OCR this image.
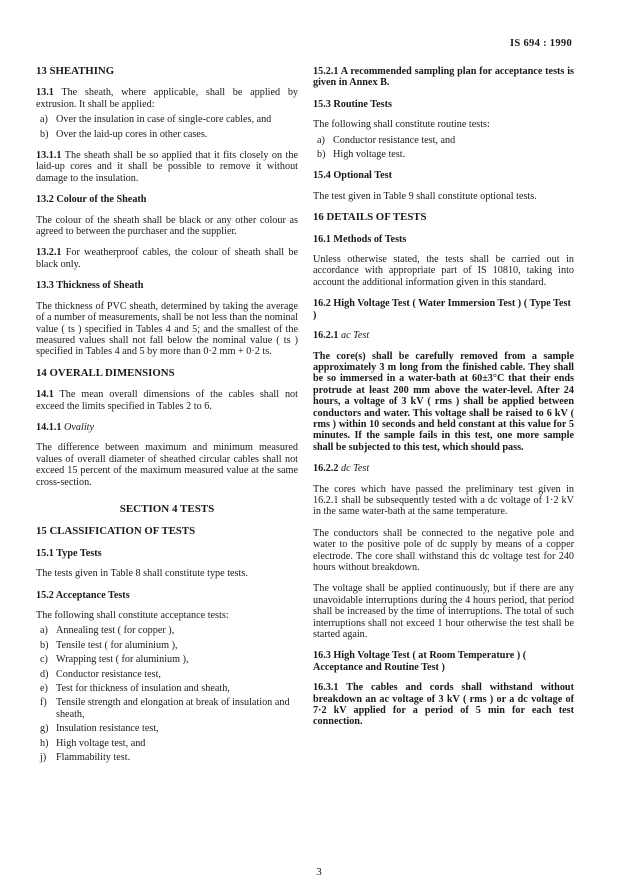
IS 694 : 1990
13 SHEATHING

13.1 The sheath, where applicable, shall be applied by extrusion. It shall be applied:

a) Over the insulation in case of single-core cables, and
b) Over the laid-up cores in other cases.

13.1.1 The sheath shall be so applied that it fits closely on the laid-up cores and it shall be possible to remove it without damage to the insulation.

13.2 Colour of the Sheath

The colour of the sheath shall be black or any other colour as agreed to between the purchaser and the supplier.

13.2.1 For weatherproof cables, the colour of sheath shall be black only.

13.3 Thickness of Sheath

The thickness of PVC sheath, determined by taking the average of a number of measurements, shall be not less than the nominal value ( ts ) specified in Tables 4 and 5; and the smallest of the measured values shall not fall below the nominal value ( ts ) specified in Tables 4 and 5 by more than 0·2 mm + 0·2 ts.

14 OVERALL DIMENSIONS

14.1 The mean overall dimensions of the cables shall not exceed the limits specified in Tables 2 to 6.

14.1.1 Ovality

The difference between maximum and minimum measured values of overall diameter of sheathed circular cables shall not exceed 15 percent of the maximum measured value at the same cross-section.

SECTION 4 TESTS
15 CLASSIFICATION OF TESTS
15.1 Type Tests

The tests given in Table 8 shall constitute type tests.

15.2 Acceptance Tests

The following shall constitute acceptance tests:

a) Annealing test ( for copper ),
b) Tensile test ( for aluminium ),
c) Wrapping test ( for aluminium ),
d) Conductor resistance test,
e) Test for thickness of insulation and sheath,
f) Tensile strength and elongation at break of insulation and sheath,
g) Insulation resistance test,
h) High voltage test, and
j) Flammability test.

15.2.1 A recommended sampling plan for acceptance tests is given in Annex B.

15.3 Routine Tests

The following shall constitute routine tests:

a) Conductor resistance test, and
b) High voltage test.
15.4 Optional Test

The test given in Table 9 shall constitute optional tests.

16 DETAILS OF TESTS
16.1 Methods of Tests

Unless otherwise stated, the tests shall be carried out in accordance with appropriate part of IS 10810, taking into account the additional information given in this standard.

16.2 High Voltage Test ( Water Immersion Test ) ( Type Test )
16.2.1 ac Test

The core(s) shall be carefully removed from a sample approximately 3 m long from the finished cable. They shall be so immersed in a water-bath at 60±3°C that their ends protrude at least 200 mm above the water-level. After 24 hours, a voltage of 3 kV ( rms ) shall be applied between conductors and water. This voltage shall be raised to 6 kV ( rms ) within 10 seconds and held constant at this value for 5 minutes. If the sample fails in this test, one more sample shall be subjected to this test, which should pass.

16.2.2 dc Test

The cores which have passed the preliminary test given in 16.2.1 shall be subsequently tested with a dc voltage of 1·2 kV in the same water-bath at the same temperature.

The conductors shall be connected to the negative pole and water to the positive pole of dc supply by means of a copper electrode. The core shall withstand this dc voltage test for 240 hours without breakdown.

The voltage shall be applied continuously, but if there are any unavoidable interruptions during the 4 hours period, that period shall be increased by the time of interruptions. The total of such interruptions shall not exceed 1 hour otherwise the test shall be started again.

16.3 High Voltage Test ( at Room Temperature ) ( Acceptance and Routine Test )

16.3.1 The cables and cords shall withstand without breakdown an ac voltage of 3 kV ( rms ) or a dc voltage of 7·2 kV applied for a period of 5 min for each test connection.

3
